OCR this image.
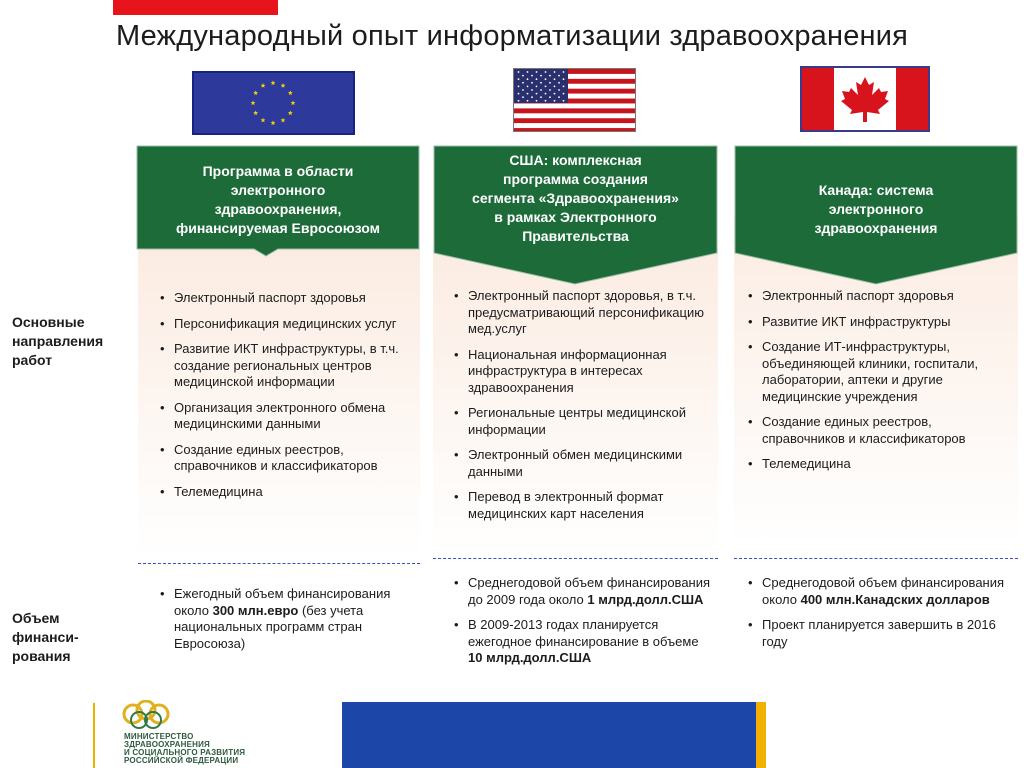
Международный опыт информатизации здравоохранения
Программа в области
электронного
здравоохранения,
финансируемая Евросоюзом
США: комплексная
программа создания
сегмента «Здравоохранения»
в рамках Электронного
Правительства
Канада: система
электронного
здравоохранения
Основные
направления
работ
Объем
финанси-
рования
• Электронный паспорт здоровья
• Персонификация медицинских услуг
• Развитие ИКТ инфраструктуры, в т.ч. создание региональных центров медицинской информации
• Организация электронного обмена медицинскими данными
• Создание единых реестров, справочников и классификаторов
• Телемедицина
• Электронный паспорт здоровья, в т.ч. предусматривающий персонификацию мед.услуг
• Национальная информационная инфраструктура в интересах здравоохранения
• Региональные центры медицинской информации
• Электронный обмен медицинскими данными
• Перевод в электронный формат медицинских карт населения
• Электронный паспорт здоровья
• Развитие ИКТ инфраструктуры
• Создание ИТ-инфраструктуры, объединяющей клиники, госпитали, лаборатории, аптеки и другие медицинские учреждения
• Создание единых реестров, справочников и классификаторов
• Телемедицина
• Ежегодный объем финансирования около 300 млн.евро (без учета национальных программ стран Евросоюза)
• Среднегодовой объем финансирования до 2009 года около 1 млрд.долл.США
• В 2009-2013 годах планируется ежегодное финансирование в объеме 10 млрд.долл.США
• Среднегодовой объем финансирования около 400 млн.Канадских долларов
• Проект планируется завершить в 2016 году
МИНИСТЕРСТВО
ЗДРАВООХРАНЕНИЯ
И СОЦИАЛЬНОГО РАЗВИТИЯ
РОССИЙСКОЙ ФЕДЕРАЦИИ
